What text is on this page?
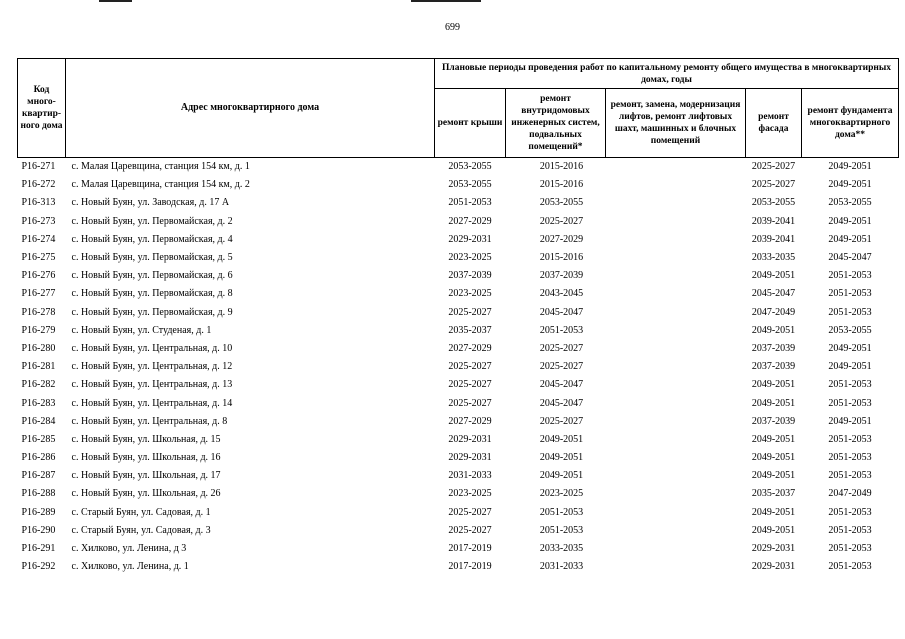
699
Код много-квартир-ного дома	Адрес многоквартирного дома	Плановые периоды проведения работ по капитальному ремонту общего имущества в многоквартирных домах, годы				
		ремонт крыши	ремонт внутридомовых инженерных систем, подвальных помещений*	ремонт, замена, модернизация лифтов, ремонт лифтовых шахт, машинных и блочных помещений	ремонт фасада	ремонт фундамента многоквартирного дома**
P16-271	с. Малая Царевщина, станция 154 км, д. 1	2053-2055	2015-2016		2025-2027	2049-2051
P16-272	с. Малая Царевщина, станция 154 км, д. 2	2053-2055	2015-2016		2025-2027	2049-2051
P16-313	с. Новый Буян, ул. Заводская, д. 17 А	2051-2053	2053-2055		2053-2055	2053-2055
P16-273	с. Новый Буян, ул. Первомайская, д. 2	2027-2029	2025-2027		2039-2041	2049-2051
P16-274	с. Новый Буян, ул. Первомайская, д. 4	2029-2031	2027-2029		2039-2041	2049-2051
P16-275	с. Новый Буян, ул. Первомайская, д. 5	2023-2025	2015-2016		2033-2035	2045-2047
P16-276	с. Новый Буян, ул. Первомайская, д. 6	2037-2039	2037-2039		2049-2051	2051-2053
P16-277	с. Новый Буян, ул. Первомайская, д. 8	2023-2025	2043-2045		2045-2047	2051-2053
P16-278	с. Новый Буян, ул. Первомайская, д. 9	2025-2027	2045-2047		2047-2049	2051-2053
P16-279	с. Новый Буян, ул. Студеная, д. 1	2035-2037	2051-2053		2049-2051	2053-2055
P16-280	с. Новый Буян, ул. Центральная, д. 10	2027-2029	2025-2027		2037-2039	2049-2051
P16-281	с. Новый Буян, ул. Центральная, д. 12	2025-2027	2025-2027		2037-2039	2049-2051
P16-282	с. Новый Буян, ул. Центральная, д. 13	2025-2027	2045-2047		2049-2051	2051-2053
P16-283	с. Новый Буян, ул. Центральная, д. 14	2025-2027	2045-2047		2049-2051	2051-2053
P16-284	с. Новый Буян, ул. Центральная, д. 8	2027-2029	2025-2027		2037-2039	2049-2051
P16-285	с. Новый Буян, ул. Школьная, д. 15	2029-2031	2049-2051		2049-2051	2051-2053
P16-286	с. Новый Буян, ул. Школьная, д. 16	2029-2031	2049-2051		2049-2051	2051-2053
P16-287	с. Новый Буян, ул. Школьная, д. 17	2031-2033	2049-2051		2049-2051	2051-2053
P16-288	с. Новый Буян, ул. Школьная, д. 26	2023-2025	2023-2025		2035-2037	2047-2049
P16-289	с. Старый Буян, ул. Садовая, д. 1	2025-2027	2051-2053		2049-2051	2051-2053
P16-290	с. Старый Буян, ул. Садовая, д. 3	2025-2027	2051-2053		2049-2051	2051-2053
P16-291	с. Хилково, ул. Ленина, д 3	2017-2019	2033-2035		2029-2031	2051-2053
P16-292	с. Хилково, ул. Ленина, д. 1	2017-2019	2031-2033		2029-2031	2051-2053
